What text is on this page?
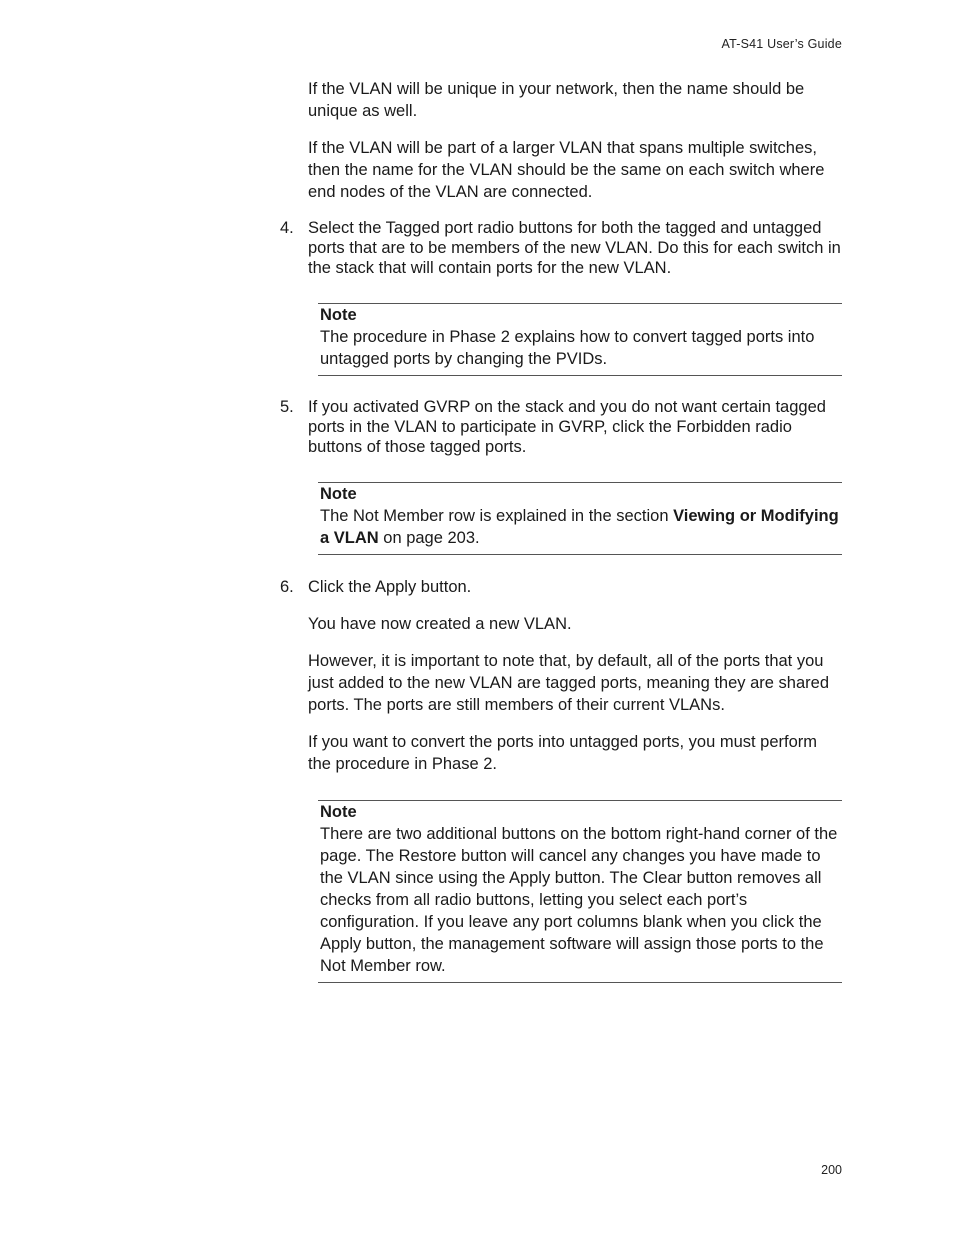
AT-S41 User’s Guide

If the VLAN will be unique in your network, then the name should be unique as well.

If the VLAN will be part of a larger VLAN that spans multiple switches, then the name for the VLAN should be the same on each switch where end nodes of the VLAN are connected.

4. Select the Tagged port radio buttons for both the tagged and untagged ports that are to be members of the new VLAN. Do this for each switch in the stack that will contain ports for the new VLAN.
Note
The procedure in Phase 2 explains how to convert tagged ports into untagged ports by changing the PVIDs.
5. If you activated GVRP on the stack and you do not want certain tagged ports in the VLAN to participate in GVRP, click the Forbidden radio buttons of those tagged ports.
Note
The Not Member row is explained in the section Viewing or Modifying a VLAN on page 203.
6. Click the Apply button.

You have now created a new VLAN.

However, it is important to note that, by default, all of the ports that you just added to the new VLAN are tagged ports, meaning they are shared ports. The ports are still members of their current VLANs.

If you want to convert the ports into untagged ports, you must perform the procedure in Phase 2.

Note
There are two additional buttons on the bottom right-hand corner of the page. The Restore button will cancel any changes you have made to the VLAN since using the Apply button. The Clear button removes all checks from all radio buttons, letting you select each port’s configuration. If you leave any port columns blank when you click the Apply button, the management software will assign those ports to the Not Member row.
200
